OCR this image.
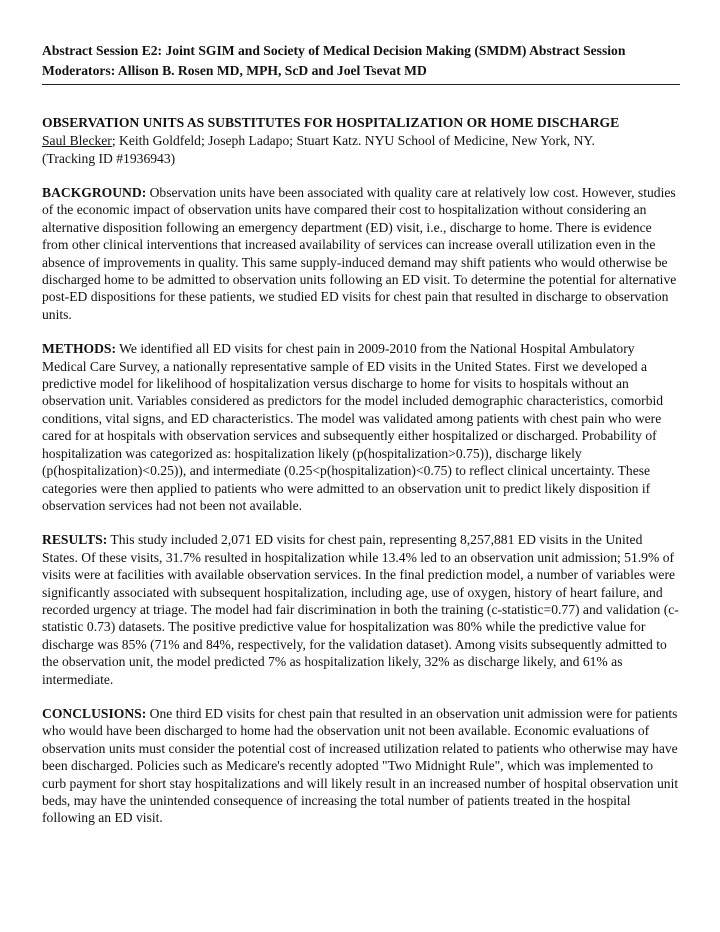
Abstract Session E2: Joint SGIM and Society of Medical Decision Making (SMDM) Abstract Session
Moderators: Allison B. Rosen MD, MPH, ScD and Joel Tsevat MD

OBSERVATION UNITS AS SUBSTITUTES FOR HOSPITALIZATION OR HOME DISCHARGE

Saul Blecker; Keith Goldfeld; Joseph Ladapo; Stuart Katz. NYU School of Medicine, New York, NY.
(Tracking ID #1936943)

BACKGROUND: Observation units have been associated with quality care at relatively low cost. However, studies of the economic impact of observation units have compared their cost to hospitalization without considering an alternative disposition following an emergency department (ED) visit, i.e., discharge to home. There is evidence from other clinical interventions that increased availability of services can increase overall utilization even in the absence of improvements in quality. This same supply-induced demand may shift patients who would otherwise be discharged home to be admitted to observation units following an ED visit. To determine the potential for alternative post-ED dispositions for these patients, we studied ED visits for chest pain that resulted in discharge to observation units.

METHODS: We identified all ED visits for chest pain in 2009-2010 from the National Hospital Ambulatory Medical Care Survey, a nationally representative sample of ED visits in the United States. First we developed a predictive model for likelihood of hospitalization versus discharge to home for visits to hospitals without an observation unit. Variables considered as predictors for the model included demographic characteristics, comorbid conditions, vital signs, and ED characteristics. The model was validated among patients with chest pain who were cared for at hospitals with observation services and subsequently either hospitalized or discharged. Probability of hospitalization was categorized as: hospitalization likely (p(hospitalization>0.75)), discharge likely (p(hospitalization)<0.25)), and intermediate (0.25<p(hospitalization)<0.75) to reflect clinical uncertainty. These categories were then applied to patients who were admitted to an observation unit to predict likely disposition if observation services had not been not available.

RESULTS: This study included 2,071 ED visits for chest pain, representing 8,257,881 ED visits in the United States. Of these visits, 31.7% resulted in hospitalization while 13.4% led to an observation unit admission; 51.9% of visits were at facilities with available observation services. In the final prediction model, a number of variables were significantly associated with subsequent hospitalization, including age, use of oxygen, history of heart failure, and recorded urgency at triage. The model had fair discrimination in both the training (c-statistic=0.77) and validation (c-statistic 0.73) datasets. The positive predictive value for hospitalization was 80% while the predictive value for discharge was 85% (71% and 84%, respectively, for the validation dataset). Among visits subsequently admitted to the observation unit, the model predicted 7% as hospitalization likely, 32% as discharge likely, and 61% as intermediate.

CONCLUSIONS: One third ED visits for chest pain that resulted in an observation unit admission were for patients who would have been discharged to home had the observation unit not been available. Economic evaluations of observation units must consider the potential cost of increased utilization related to patients who otherwise may have been discharged. Policies such as Medicare's recently adopted "Two Midnight Rule", which was implemented to curb payment for short stay hospitalizations and will likely result in an increased number of hospital observation unit beds, may have the unintended consequence of increasing the total number of patients treated in the hospital following an ED visit.
